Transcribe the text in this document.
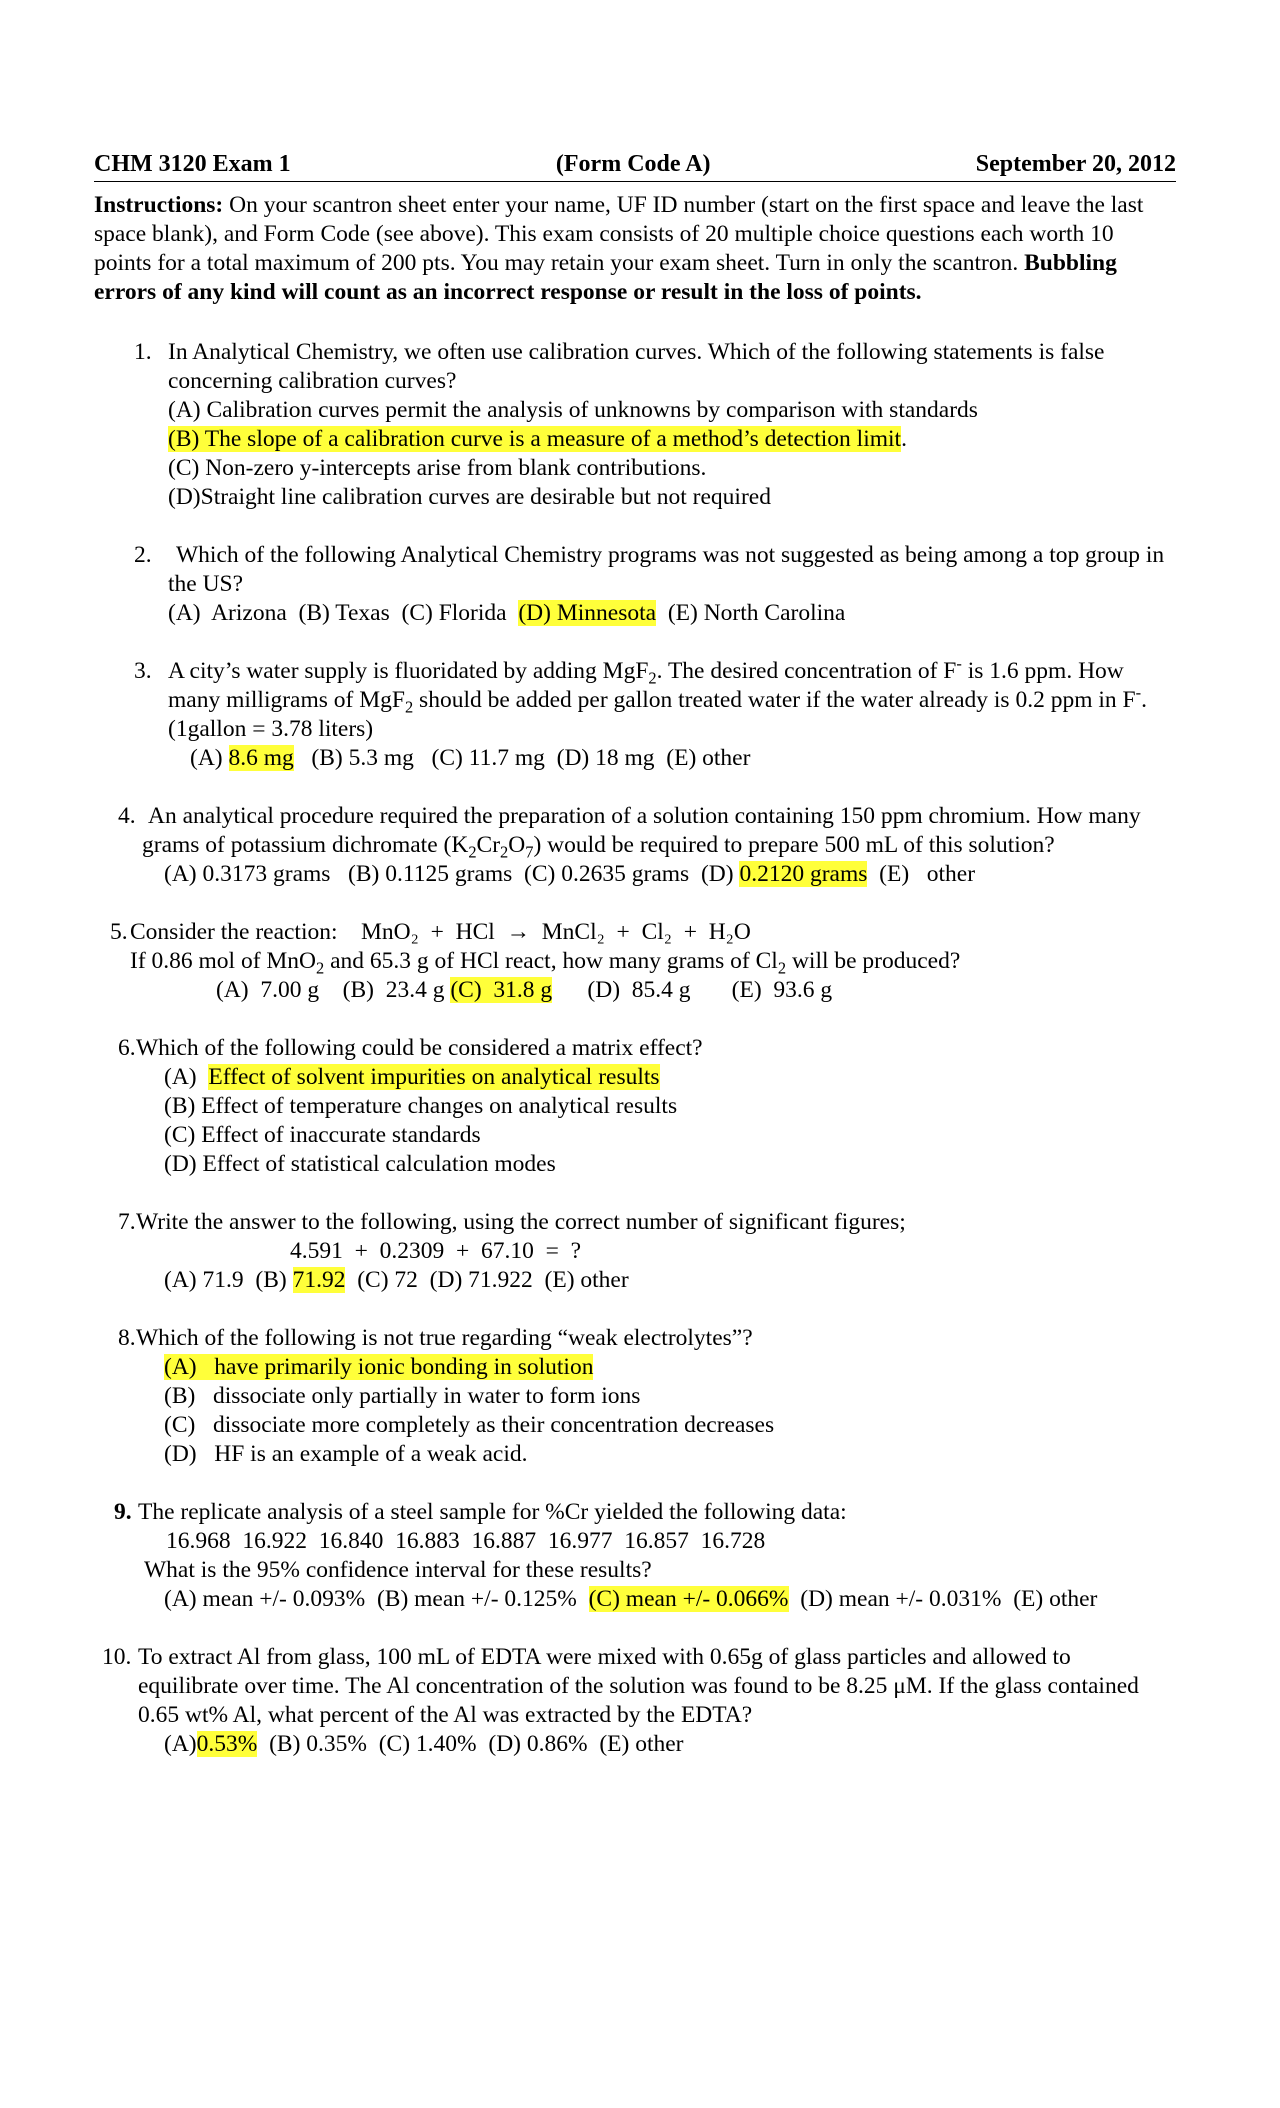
CHM 3120 Exam 1	(Form Code A)	September 20, 2012
Instructions: On your scantron sheet enter your name, UF ID number (start on the first space and leave the last space blank), and Form Code (see above). This exam consists of 20 multiple choice questions each worth 10 points for a total maximum of 200 pts. You may retain your exam sheet. Turn in only the scantron. Bubbling errors of any kind will count as an incorrect response or result in the loss of points.
1. In Analytical Chemistry, we often use calibration curves. Which of the following statements is false concerning calibration curves?
(A) Calibration curves permit the analysis of unknowns by comparison with standards
(B) The slope of a calibration curve is a measure of a method’s detection limit.
(C) Non-zero y-intercepts arise from blank contributions.
(D)Straight line calibration curves are desirable but not required
2.	Which of the following Analytical Chemistry programs was not suggested as being among a top group in the US?
(A)  Arizona  (B) Texas  (C) Florida  (D) Minnesota  (E) North Carolina
3. A city’s water supply is fluoridated by adding MgF$_2$. The desired concentration of F- is 1.6 ppm. How many milligrams of MgF$_2$ should be added per gallon treated water if the water already is 0.2 ppm in F-. (1gallon = 3.78 liters)
(A) 8.6 mg   (B) 5.3 mg   (C) 11.7 mg  (D) 18 mg  (E) other
4. An analytical procedure required the preparation of a solution containing 150 ppm chromium. How many grams of potassium dichromate $(K_2Cr_2O_7)$ would be required to prepare 500 mL of this solution?
(A) 0.3173 grams   (B) 0.1125 grams  (C) 0.2635 grams  (D) 0.2120 grams  (E)   other
5. Consider the reaction: MnO₂  +  HCl  →  MnCl₂  +  Cl₂  +  H₂O
If 0.86 mol of MnO$_2$ and 65.3 g of HCl react, how many grams of $Cl_2$ will be produced?
(A)  7.00 g    (B)  23.4 g (C)  31.8 g      (D)  85.4 g       (E)  93.6 g
6. Which of the following could be considered a matrix effect?
(A)  Effect of solvent impurities on analytical results
(B) Effect of temperature changes on analytical results
(C) Effect of inaccurate standards
(D) Effect of statistical calculation modes
7. Write the answer to the following, using the correct number of significant figures;
4.591  +  0.2309  +  67.10  =  ?
(A) 71.9  (B) 71.92  (C) 72  (D) 71.922  (E) other
8. Which of the following is not true regarding “weak electrolytes”?
(A)   have primarily ionic bonding in solution
(B)   dissociate only partially in water to form ions
(C)   dissociate more completely as their concentration decreases
(D)   HF is an example of a weak acid.
9. The replicate analysis of a steel sample for %Cr yielded the following data:
16.968  16.922  16.840  16.883  16.887  16.977  16.857  16.728
What is the 95% confidence interval for these results?
(A) mean +/- 0.093%  (B) mean +/- 0.125%  (C) mean +/- 0.066%  (D) mean +/- 0.031%  (E) other
10. To extract Al from glass, 100 mL of EDTA were mixed with 0.65g of glass particles and allowed to equilibrate over time. The Al concentration of the solution was found to be 8.25 μM. If the glass contained 0.65 wt% Al, what percent of the Al was extracted by the EDTA?
(A)0.53%  (B) 0.35%  (C) 1.40%  (D) 0.86%  (E) other
